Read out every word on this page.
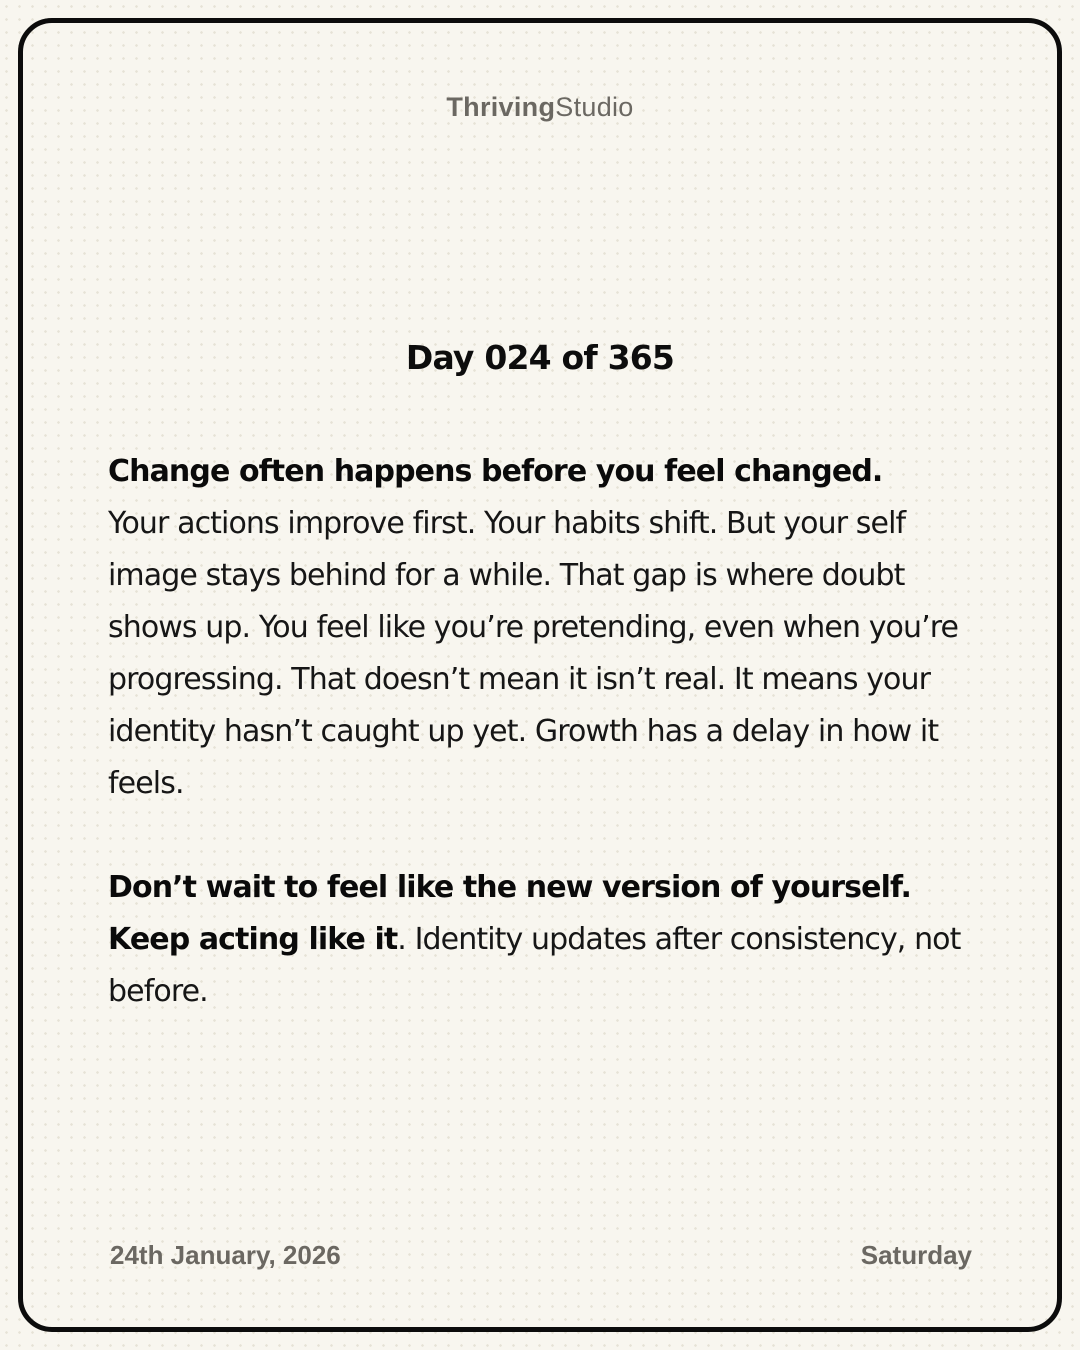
ThrivingStudio
Day 024 of 365

Change often happens before you feel changed.
Your actions improve first. Your habits shift. But your self image stays behind for a while. That gap is where doubt shows up. You feel like you’re pretending, even when you’re progressing. That doesn’t mean it isn’t real. It means your identity hasn’t caught up yet. Growth has a delay in how it feels.

Don’t wait to feel like the new version of yourself.
Keep acting like it. Identity updates after consistency, not before.

24th January, 2026	Saturday
